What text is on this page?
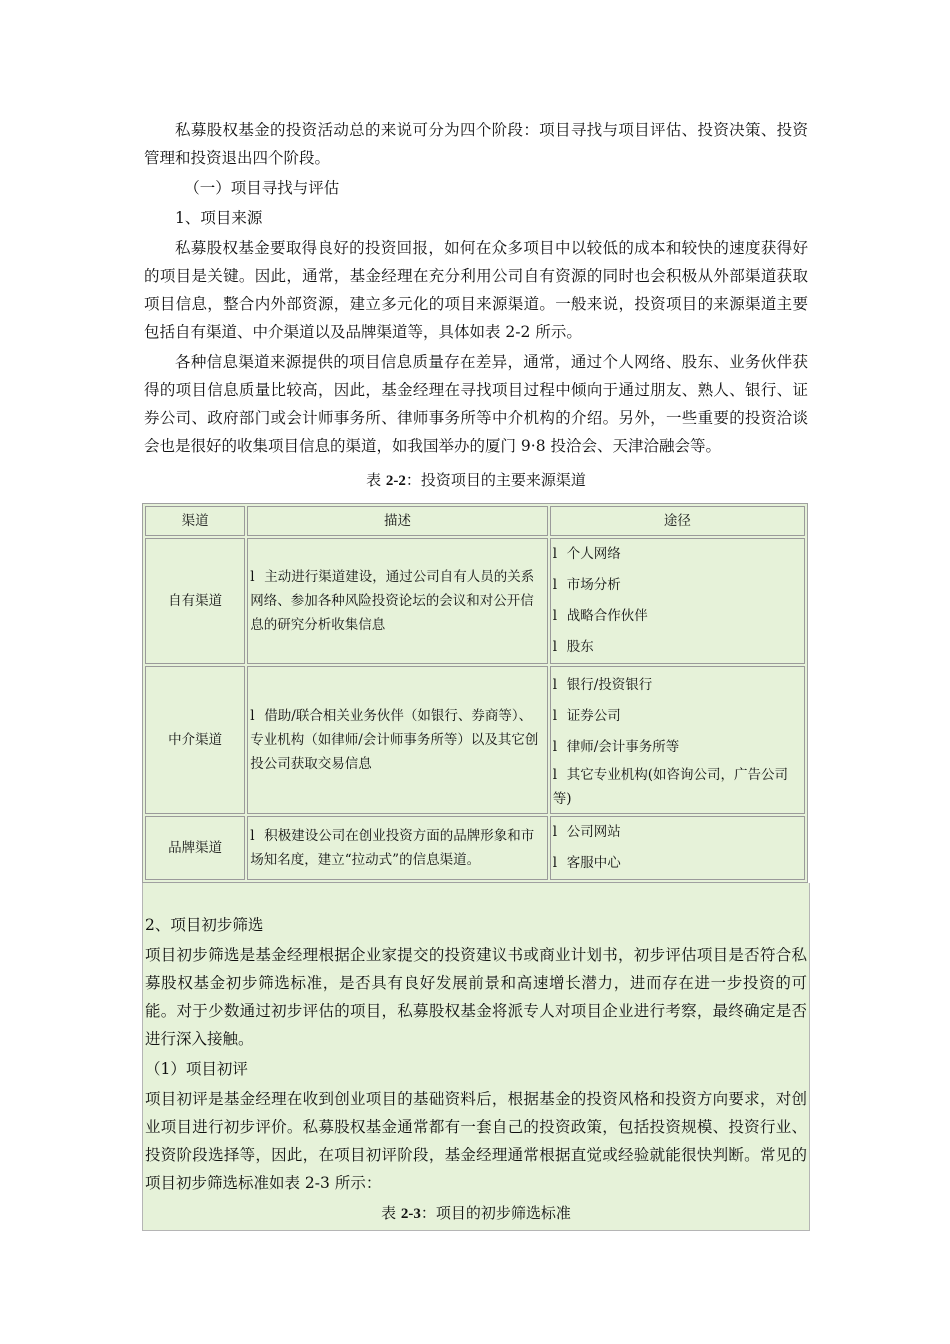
私募股权基金的投资活动总的来说可分为四个阶段：项目寻找与项目评估、投资决策、投资管理和投资退出四个阶段。

（一）项目寻找与评估

1、项目来源

私募股权基金要取得良好的投资回报，如何在众多项目中以较低的成本和较快的速度获得好的项目是关键。因此，通常，基金经理在充分利用公司自有资源的同时也会积极从外部渠道获取项目信息，整合内外部资源，建立多元化的项目来源渠道。一般来说，投资项目的来源渠道主要包括自有渠道、中介渠道以及品牌渠道等，具体如表 2-2 所示。

各种信息渠道来源提供的项目信息质量存在差异，通常，通过个人网络、股东、业务伙伴获得的项目信息质量比较高，因此，基金经理在寻找项目过程中倾向于通过朋友、熟人、银行、证券公司、政府部门或会计师事务所、律师事务所等中介机构的介绍。另外，一些重要的投资洽谈会也是很好的收集项目信息的渠道，如我国举办的厦门 9·8 投洽会、天津洽融会等。

表 2-2：投资项目的主要来源渠道
渠道	描述	途径
自有渠道	l 主动进行渠道建设，通过公司自有人员的关系网络、参加各种风险投资论坛的会议和对公开信息的研究分析收集信息	l 个人网络
l 市场分析
l 战略合作伙伴
l 股东

中介渠道	l 借助/联合相关业务伙伴（如银行、券商等）、专业机构（如律师/会计师事务所等）以及其它创投公司获取交易信息	l 银行/投资银行
l 证券公司
l 律师/会计事务所等
l 其它专业机构(如咨询公司，广告公司等)

品牌渠道	l 积极建设公司在创业投资方面的品牌形象和市场知名度，建立“拉动式”的信息渠道。	l 公司网站
l 客服中心

2、项目初步筛选

项目初步筛选是基金经理根据企业家提交的投资建议书或商业计划书，初步评估项目是否符合私募股权基金初步筛选标准，是否具有良好发展前景和高速增长潜力，进而存在进一步投资的可能。对于少数通过初步评估的项目，私募股权基金将派专人对项目企业进行考察，最终确定是否进行深入接触。

（1）项目初评

项目初评是基金经理在收到创业项目的基础资料后，根据基金的投资风格和投资方向要求，对创业项目进行初步评价。私募股权基金通常都有一套自己的投资政策，包括投资规模、投资行业、投资阶段选择等，因此，在项目初评阶段，基金经理通常根据直觉或经验就能很快判断。常见的项目初步筛选标准如表 2-3 所示：

表 2-3：项目的初步筛选标准
